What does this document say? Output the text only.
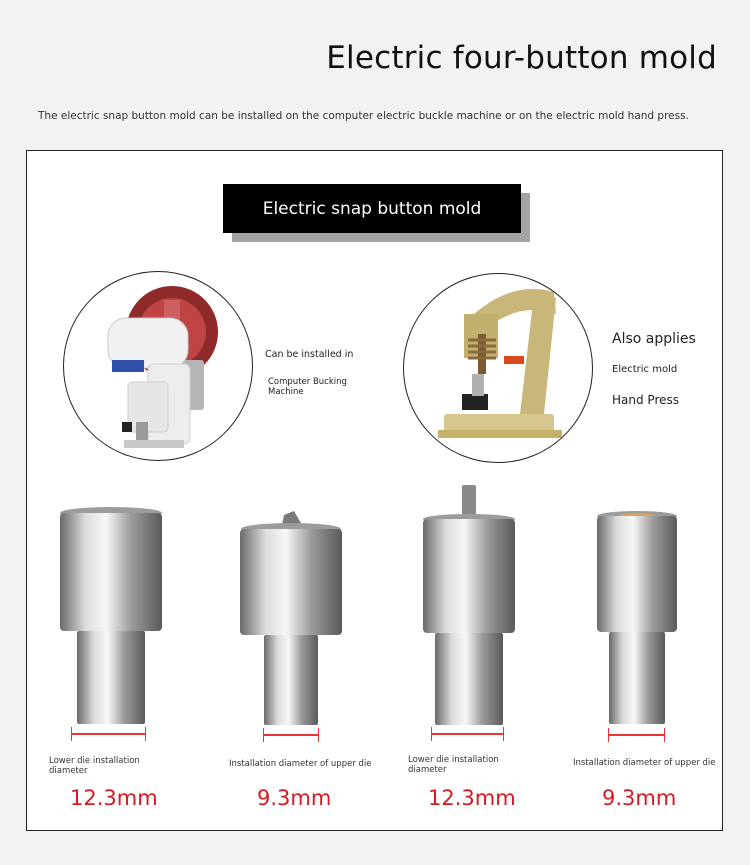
Electric four-button mold

The electric snap button mold can be installed on the computer electric buckle machine or on the electric mold hand press.

Electric snap button mold
Can be installed in
Computer Bucking
Machine
Also applies
Electric mold
Hand Press
Lower die installation
diameter
12.3mm
Installation diameter of upper die
9.3mm
Lower die installation
diameter
12.3mm
Installation diameter of upper die
9.3mm
